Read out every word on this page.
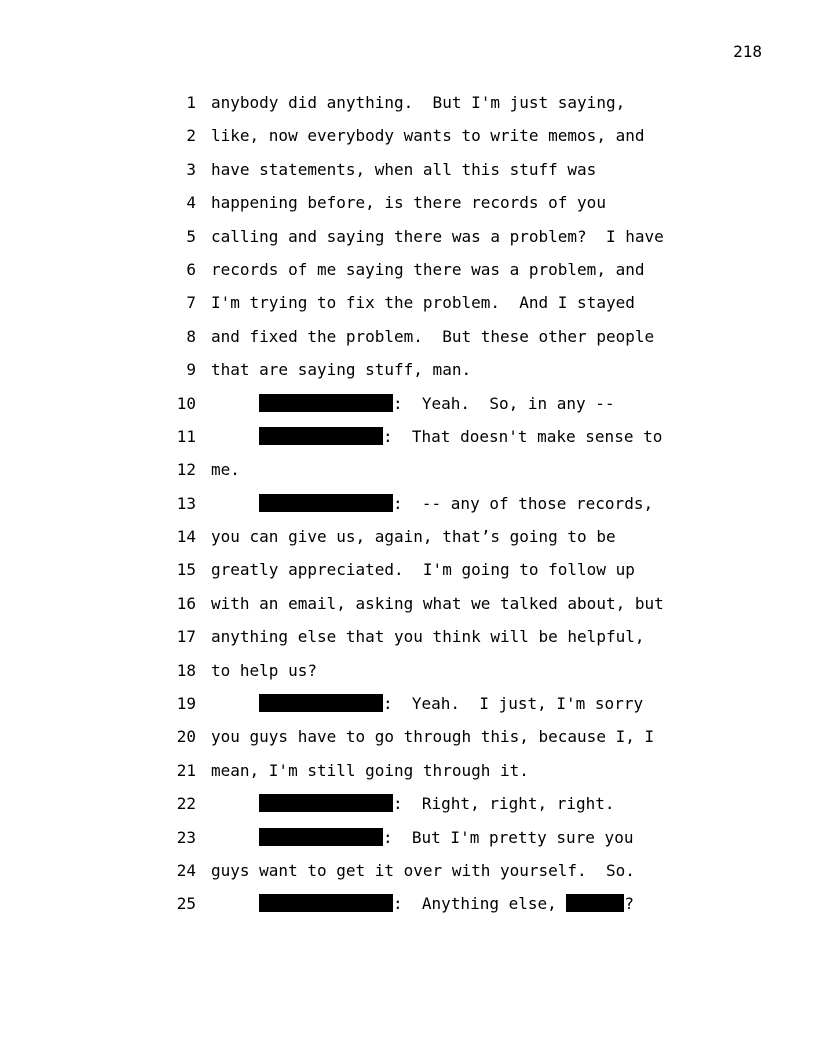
218
1 anybody did anything.  But I'm just saying,
2 like, now everybody wants to write memos, and
3 have statements, when all this stuff was
4 happening before, is there records of you
5 calling and saying there was a problem?  I have
6 records of me saying there was a problem, and
7 I'm trying to fix the problem.  And I stayed
8 and fixed the problem.  But these other people
9 that are saying stuff, man.
10	:  Yeah.  So, in any --
11	:  That doesn't make sense to
12 me.
13	:  -- any of those records,
14 you can give us, again, that’s going to be
15 greatly appreciated.  I'm going to follow up
16 with an email, asking what we talked about, but
17 anything else that you think will be helpful,
18 to help us?
19	:  Yeah.  I just, I'm sorry
20 you guys have to go through this, because I, I
21 mean, I'm still going through it.
22	:  Right, right, right.
23	:  But I'm pretty sure you
24 guys want to get it over with yourself.  So.
25	:  Anything else,	?
